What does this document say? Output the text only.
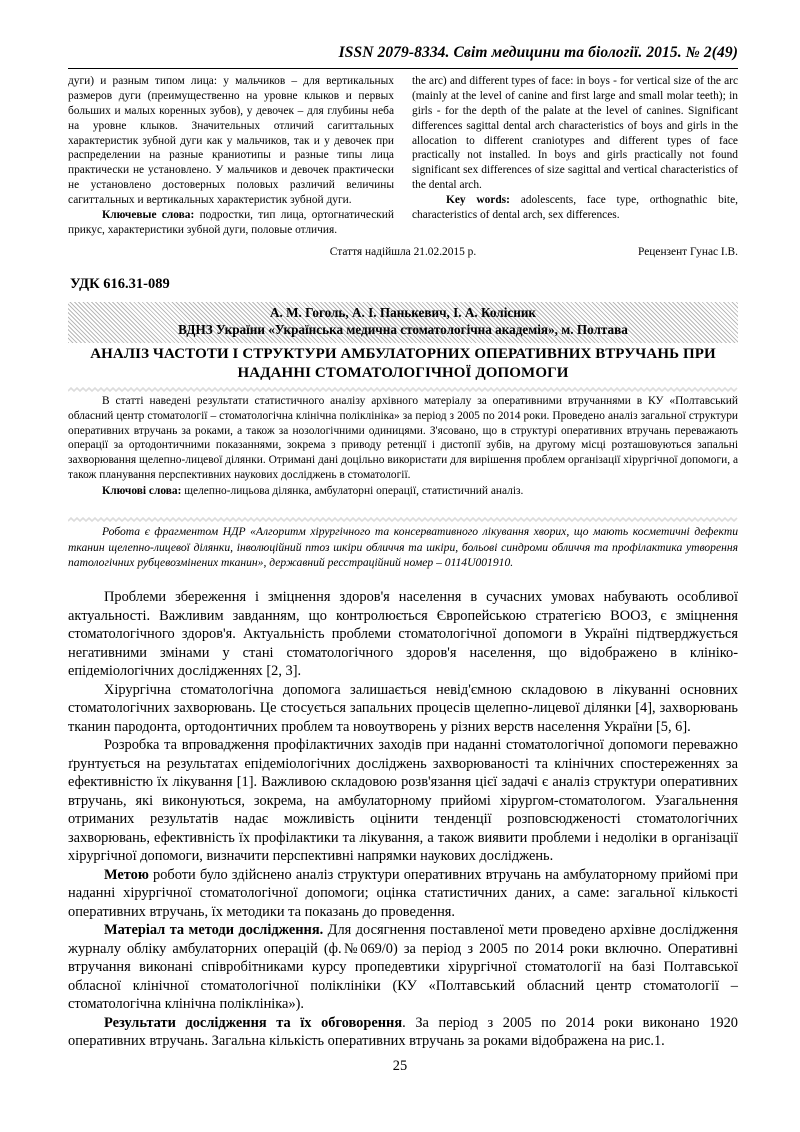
ISSN 2079-8334. Світ медицини та біології. 2015. № 2(49)

дуги) и разным типом лица: у мальчиков – для вертикальных размеров дуги (преимущественно на уровне клыков и первых больших и малых коренных зубов), у девочек – для глубины неба на уровне клыков. Значительных отличий сагиттальных характеристик зубной дуги как у мальчиков, так и у девочек при распределении на разные краниотипы и разные типы лица практически не установлено. У мальчиков и девочек практически не установлено достоверных половых различий величины сагиттальных и вертикальных характеристик зубной дуги.

Ключевые слова: подростки, тип лица, ортогнатический прикус, характеристики зубной дуги, половые отличия.

the arc) and different types of face: in boys - for vertical size of the arc (mainly at the level of canine and first large and small molar teeth); in girls - for the depth of the palate at the level of canines. Significant differences sagittal dental arch characteristics of boys and girls in the allocation to different craniotypes and different types of face practically not installed. In boys and girls practically not found significant sex differences of size sagittal and vertical characteristics of the dental arch.

Key words: adolescents, face type, orthognathic bite, characteristics of dental arch, sex differences.

Стаття надійшла 21.02.2015 р.	Рецензент Гунас І.В.
УДК 616.31-089
А. М. Гоголь, А. І. Панькевич, І. А. Колісник
ВДНЗ України «Українська медична стоматологічна академія», м. Полтава
АНАЛІЗ ЧАСТОТИ І СТРУКТУРИ АМБУЛАТОРНИХ ОПЕРАТИВНИХ ВТРУЧАНЬ ПРИ
НАДАННІ СТОМАТОЛОГІЧНОЇ ДОПОМОГИ

В статті наведені результати статистичного аналізу архівного матеріалу за оперативними втручаннями в КУ «Полтавський обласний центр стоматології – стоматологічна клінічна поліклініка» за період з 2005 по 2014 роки. Проведено аналіз загальної структури оперативних втручань за роками, а також за нозологічними одиницями. З'ясовано, що в структурі оперативних втручань переважають операції за ортодонтичними показаннями, зокрема з приводу ретенції і дистопії зубів, на другому місці розташовуються запальні захворювання щелепно-лицевої ділянки. Отримані дані доцільно використати для вирішення проблем організації хірургічної допомоги, а також планування перспективних наукових досліджень в стоматології.

Ключові слова: щелепно-лицьова ділянка, амбулаторні операції, статистичний аналіз.

Робота є фрагментом НДР «Алгоритм хірургічного та консервативного лікування хворих, що мають косметичні дефекти тканин щелепно-лицевої ділянки, інволюційний птоз шкіри обличчя та шкіри, больові синдроми обличчя та профілактика утворення патологічних рубцевозмінених тканин», державний ресстраційний номер – 0114U001910.

Проблеми збереження і зміцнення здоров'я населення в сучасних умовах набувають особливої актуальності. Важливим завданням, що контролюється Європейською стратегією ВООЗ, є зміцнення стоматологічного здоров'я. Актуальність проблеми стоматологічної допомоги в Україні підтверджується негативними змінами у стані стоматологічного здоров'я населення, що відображено в клініко-епідеміологічних дослідженнях [2, 3].

Хірургічна стоматологічна допомога залишається невід'ємною складовою в лікуванні основних стоматологічних захворювань. Це стосується запальних процесів щелепно-лицевої ділянки [4], захворювань тканин пародонта, ортодонтичних проблем та новоутворень у різних верств населення України [5, 6].

Розробка та впровадження профілактичних заходів при наданні стоматологічної допомоги переважно ґрунтується на результатах епідеміологічних досліджень захворюваності та клінічних спостереженнях за ефективністю їх лікування [1]. Важливою складовою розв'язання цієї задачі є аналіз структури оперативних втручань, які виконуються, зокрема, на амбулаторному прийомі хірургом-стоматологом. Узагальнення отриманих результатів надає можливість оцінити тенденції розповсюдженості стоматологічних захворювань, ефективність їх профілактики та лікування, а також виявити проблеми і недоліки в організації хірургічної допомоги, визначити перспективні напрямки наукових досліджень.

Метою роботи було здійснено аналіз структури оперативних втручань на амбулаторному прийомі при наданні хірургічної стоматологічної допомоги; оцінка статистичних даних, а саме: загальної кількості оперативних втручань, їх методики та показань до проведення.

Матеріал та методи дослідження. Для досягнення поставленої мети проведено архівне дослідження журналу обліку амбулаторних операцій (ф.№069/0) за період з 2005 по 2014 роки включно. Оперативні втручання виконані співробітниками курсу пропедевтики хірургічної стоматології на базі Полтавської обласної клінічної стоматологічної поліклініки (КУ «Полтавський обласний центр стоматології – стоматологічна клінічна поліклініка»).

Результати дослідження та їх обговорення. За період з 2005 по 2014 роки виконано 1920 оперативних втручань. Загальна кількість оперативних втручань за роками відображена на рис.1.

25
